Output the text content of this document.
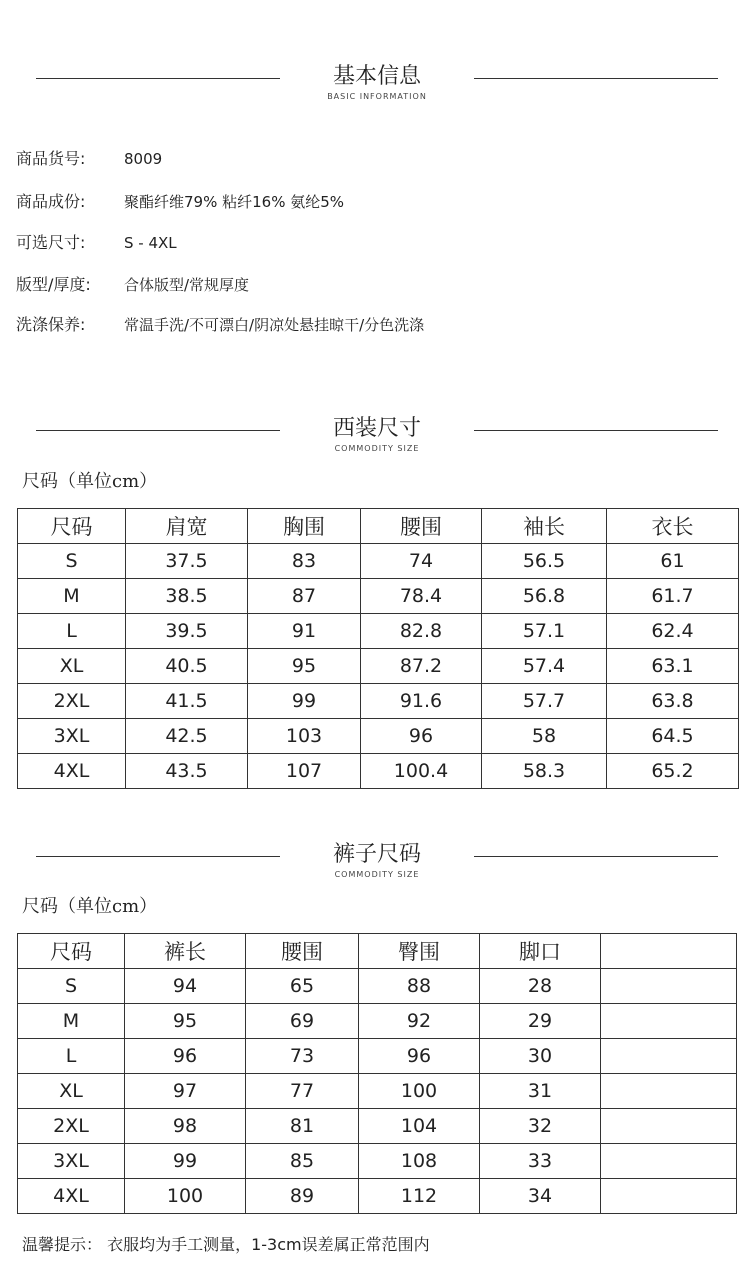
基本信息
BASIC INFORMATION
商品货号:	8009
商品成份:	聚酯纤维79% 粘纤16% 氨纶5%
可选尺寸:	S - 4XL
版型/厚度: 合体版型/常规厚度
洗涤保养:	常温手洗/不可漂白/阴凉处悬挂晾干/分色洗涤
西装尺寸
COMMODITY SIZE
尺码（单位cm）
尺码	肩宽	胸围	腰围	袖长	衣长
S	37.5	83	74	56.5	61
M	38.5	87	78.4	56.8	61.7
L	39.5	91	82.8	57.1	62.4
XL	40.5	95	87.2	57.4	63.1
2XL	41.5	99	91.6	57.7	63.8
3XL	42.5	103	96	58	64.5
4XL	43.5	107	100.4	58.3	65.2
裤子尺码
COMMODITY SIZE
尺码（单位cm）
尺码	裤长	腰围	臀围	脚口	
S	94	65	88	28	
M	95	69	92	29	
L	96	73	96	30	
XL	97	77	100	31	
2XL	98	81	104	32	
3XL	99	85	108	33	
4XL	100	89	112	34	
温馨提示： 衣服均为手工测量，1-3cm误差属正常范围内
